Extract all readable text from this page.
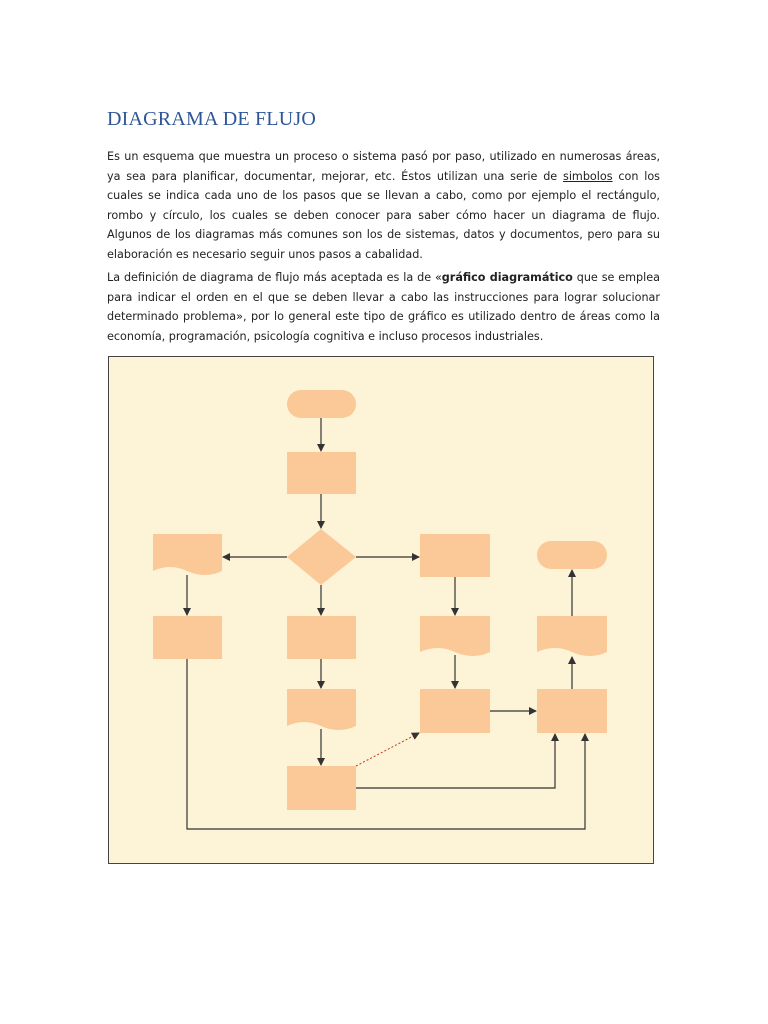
DIAGRAMA DE FLUJO

Es un esquema que muestra un proceso o sistema pasó por paso, utilizado en numerosas áreas, ya sea para planificar, documentar, mejorar, etc. Éstos utilizan una serie de simbolos con los cuales se indica cada uno de los pasos que se llevan a cabo, como por ejemplo el rectángulo, rombo y círculo, los cuales se deben conocer para saber cómo hacer un diagrama de flujo. Algunos de los diagramas más comunes son los de sistemas, datos y documentos, pero para su elaboración es necesario seguir unos pasos a cabalidad.

La definición de diagrama de flujo más aceptada es la de «gráfico diagramático que se emplea para indicar el orden en el que se deben llevar a cabo las instrucciones para lograr solucionar determinado problema», por lo general este tipo de gráfico es utilizado dentro de áreas como la economía, programación, psicología cognitiva e incluso procesos industriales.
